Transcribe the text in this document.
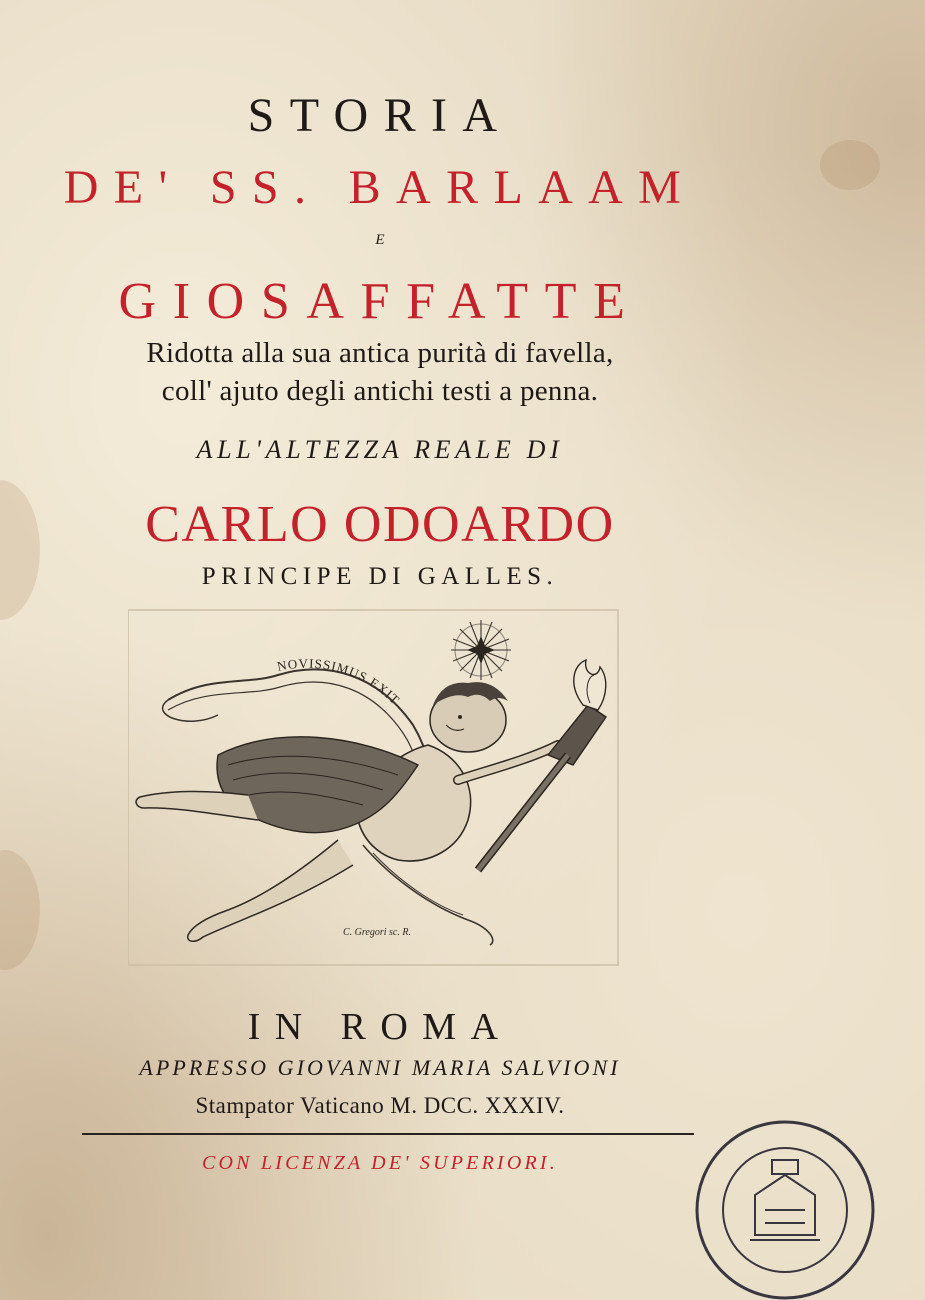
STORIA
DE' SS. BARLAAM
E
GIOSAFFATTE
Ridotta alla sua antica purità di favella,
coll' ajuto degli antichi testi a penna.
ALL'ALTEZZA REALE DI
CARLO ODOARDO
PRINCIPE DI GALLES.
NOVISSIMUS EXIT
C. Gregori sc. R.
IN ROMA
APPRESSO GIOVANNI MARIA SALVIONI
Stampator Vaticano M. DCC. XXXIV.
CON LICENZA DE' SUPERIORI.
